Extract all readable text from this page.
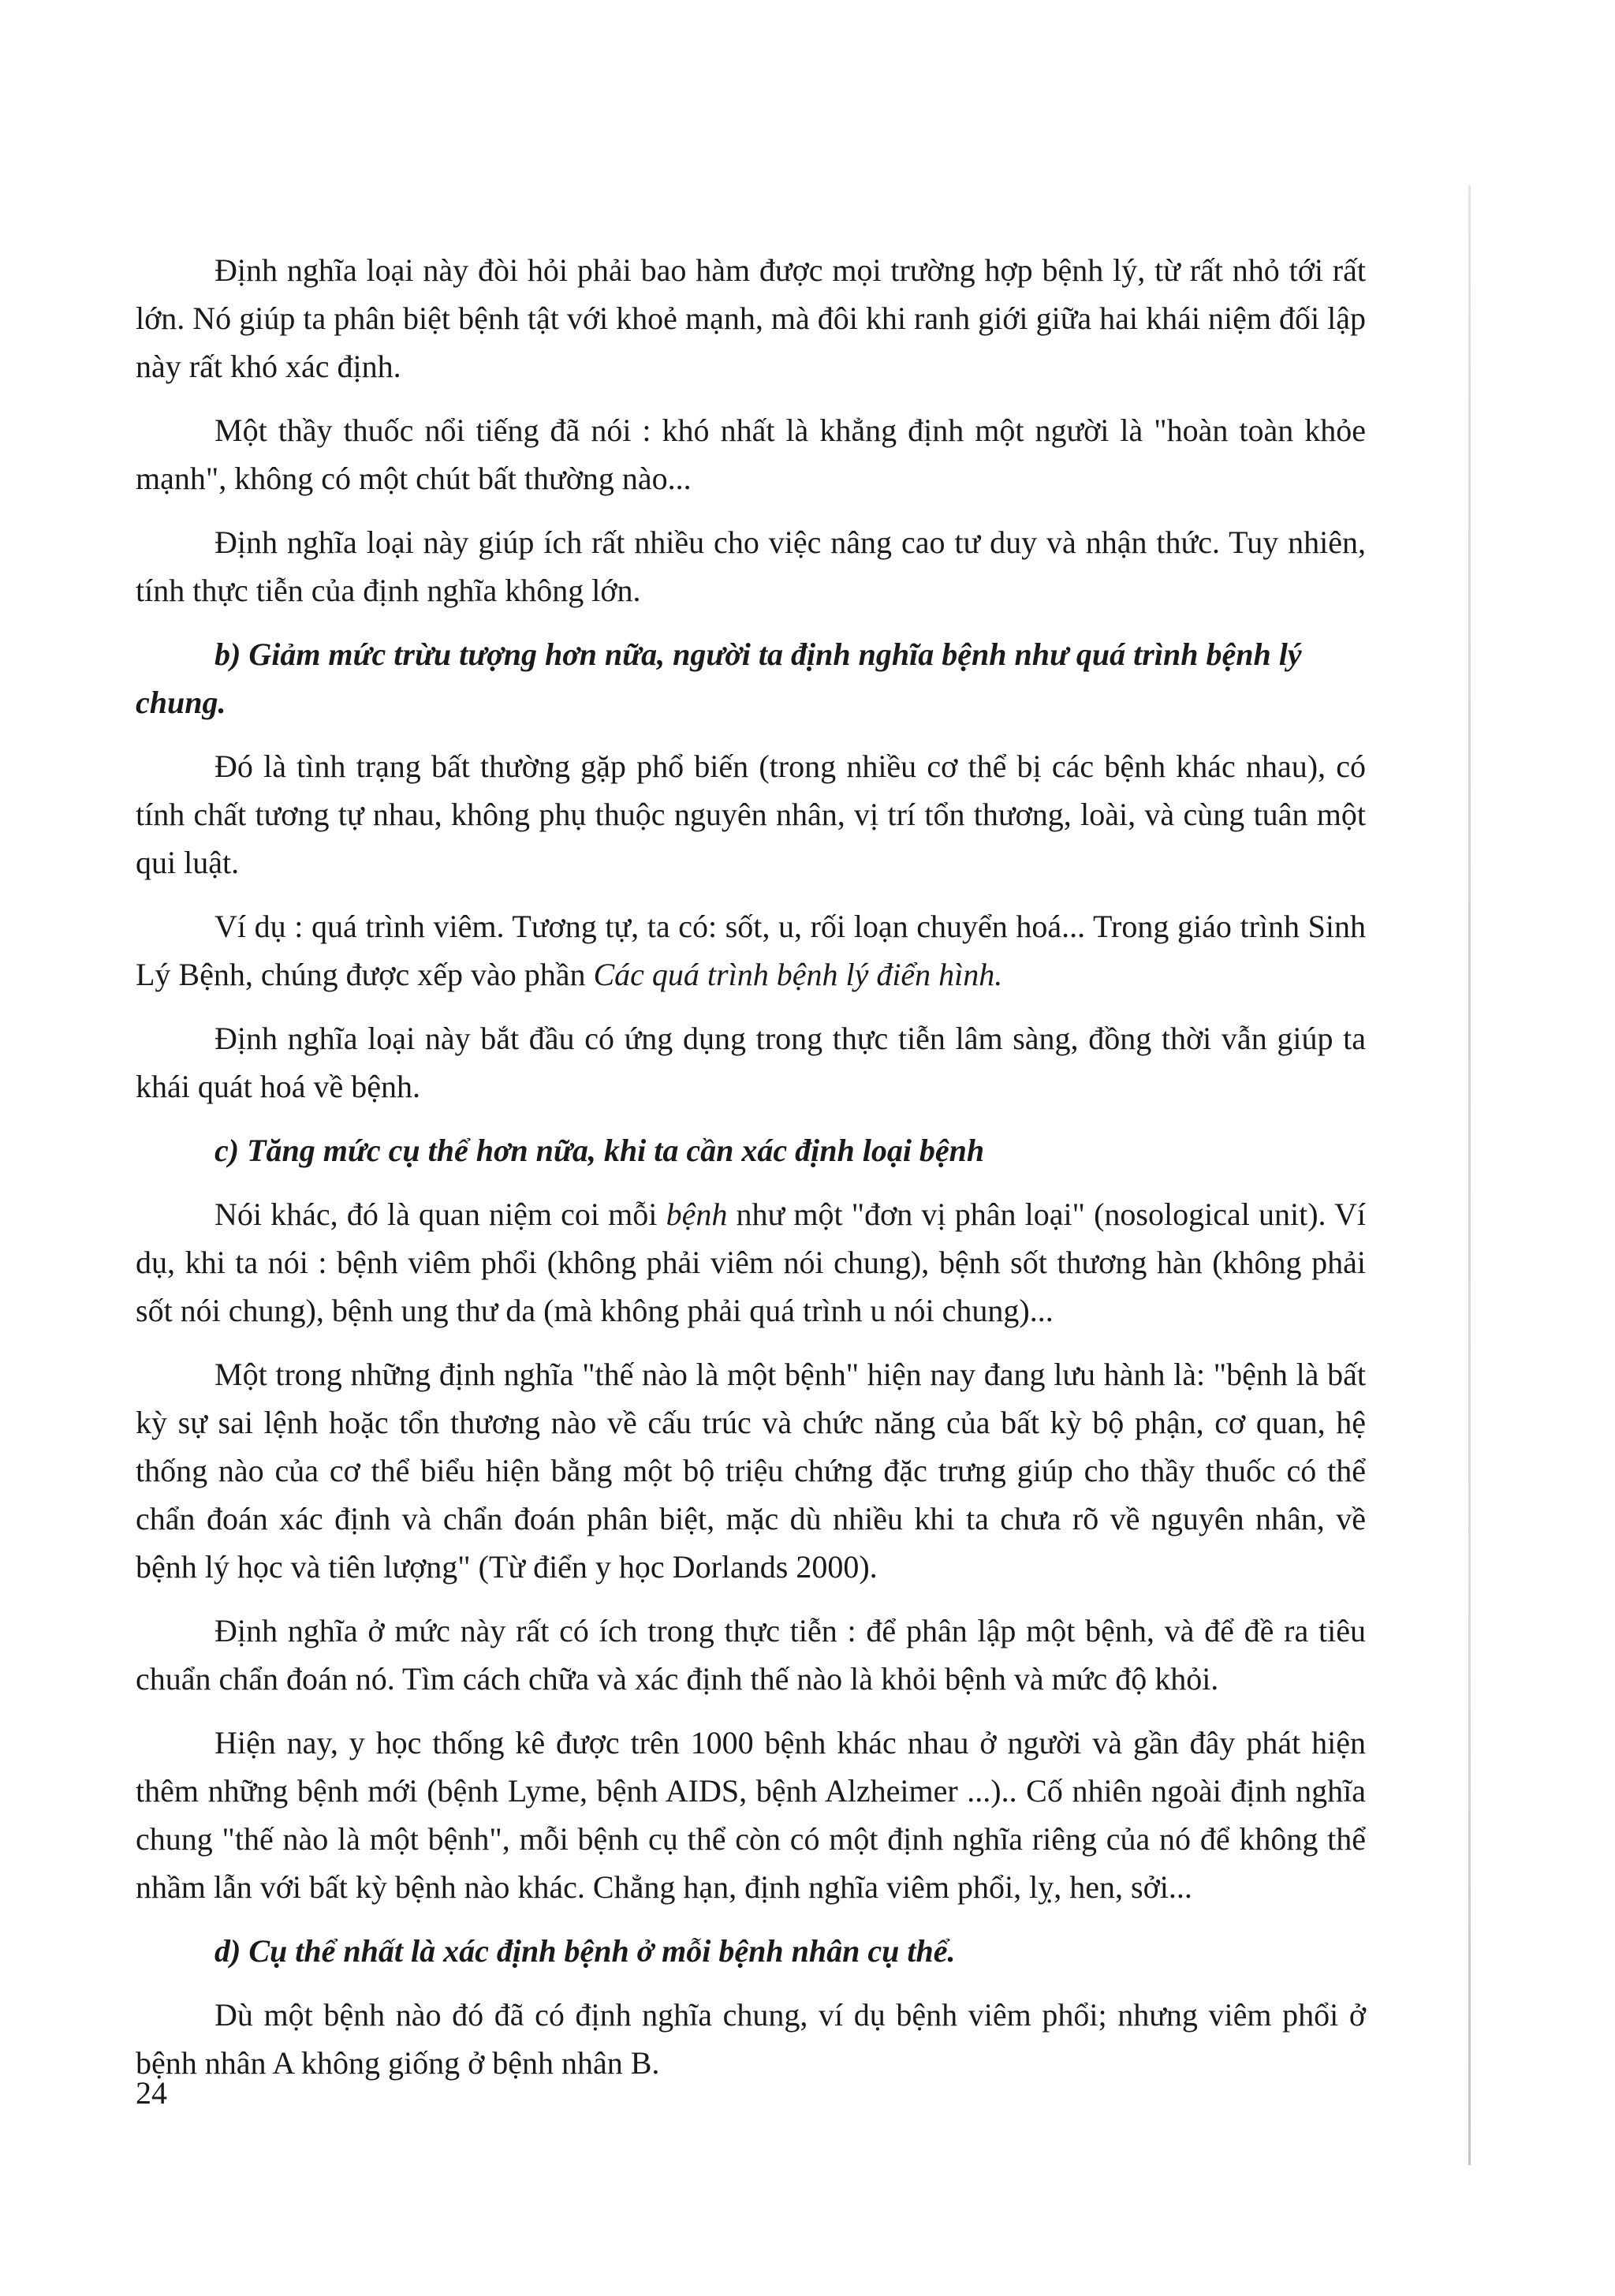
Định nghĩa loại này đòi hỏi phải bao hàm được mọi trường hợp bệnh lý, từ rất nhỏ tới rất lớn. Nó giúp ta phân biệt bệnh tật với khoẻ mạnh, mà đôi khi ranh giới giữa hai khái niệm đối lập này rất khó xác định.

Một thầy thuốc nổi tiếng đã nói : khó nhất là khẳng định một người là "hoàn toàn khỏe mạnh", không có một chút bất thường nào...

Định nghĩa loại này giúp ích rất nhiều cho việc nâng cao tư duy và nhận thức. Tuy nhiên, tính thực tiễn của định nghĩa không lớn.

b) Giảm mức trừu tượng hơn nữa, người ta định nghĩa bệnh như quá trình bệnh lý chung.

Đó là tình trạng bất thường gặp phổ biến (trong nhiều cơ thể bị các bệnh khác nhau), có tính chất tương tự nhau, không phụ thuộc nguyên nhân, vị trí tổn thương, loài, và cùng tuân một qui luật.

Ví dụ : quá trình viêm. Tương tự, ta có: sốt, u, rối loạn chuyển hoá... Trong giáo trình Sinh Lý Bệnh, chúng được xếp vào phần Các quá trình bệnh lý điển hình.

Định nghĩa loại này bắt đầu có ứng dụng trong thực tiễn lâm sàng, đồng thời vẫn giúp ta khái quát hoá về bệnh.

c) Tăng mức cụ thể hơn nữa, khi ta cần xác định loại bệnh

Nói khác, đó là quan niệm coi mỗi bệnh như một "đơn vị phân loại" (nosological unit). Ví dụ, khi ta nói : bệnh viêm phổi (không phải viêm nói chung), bệnh sốt thương hàn (không phải sốt nói chung), bệnh ung thư da (mà không phải quá trình u nói chung)...

Một trong những định nghĩa "thế nào là một bệnh" hiện nay đang lưu hành là: "bệnh là bất kỳ sự sai lệnh hoặc tổn thương nào về cấu trúc và chức năng của bất kỳ bộ phận, cơ quan, hệ thống nào của cơ thể biểu hiện bằng một bộ triệu chứng đặc trưng giúp cho thầy thuốc có thể chẩn đoán xác định và chẩn đoán phân biệt, mặc dù nhiều khi ta chưa rõ về nguyên nhân, về bệnh lý học và tiên lượng" (Từ điển y học Dorlands 2000).

Định nghĩa ở mức này rất có ích trong thực tiễn : để phân lập một bệnh, và để đề ra tiêu chuẩn chẩn đoán nó. Tìm cách chữa và xác định thế nào là khỏi bệnh và mức độ khỏi.

Hiện nay, y học thống kê được trên 1000 bệnh khác nhau ở người và gần đây phát hiện thêm những bệnh mới (bệnh Lyme, bệnh AIDS, bệnh Alzheimer ...).. Cố nhiên ngoài định nghĩa chung "thế nào là một bệnh", mỗi bệnh cụ thể còn có một định nghĩa riêng của nó để không thể nhầm lẫn với bất kỳ bệnh nào khác. Chẳng hạn, định nghĩa viêm phổi, lỵ, hen, sởi...

d) Cụ thể nhất là xác định bệnh ở mỗi bệnh nhân cụ thể.

Dù một bệnh nào đó đã có định nghĩa chung, ví dụ bệnh viêm phổi; nhưng viêm phổi ở bệnh nhân A không giống ở bệnh nhân B.

24
